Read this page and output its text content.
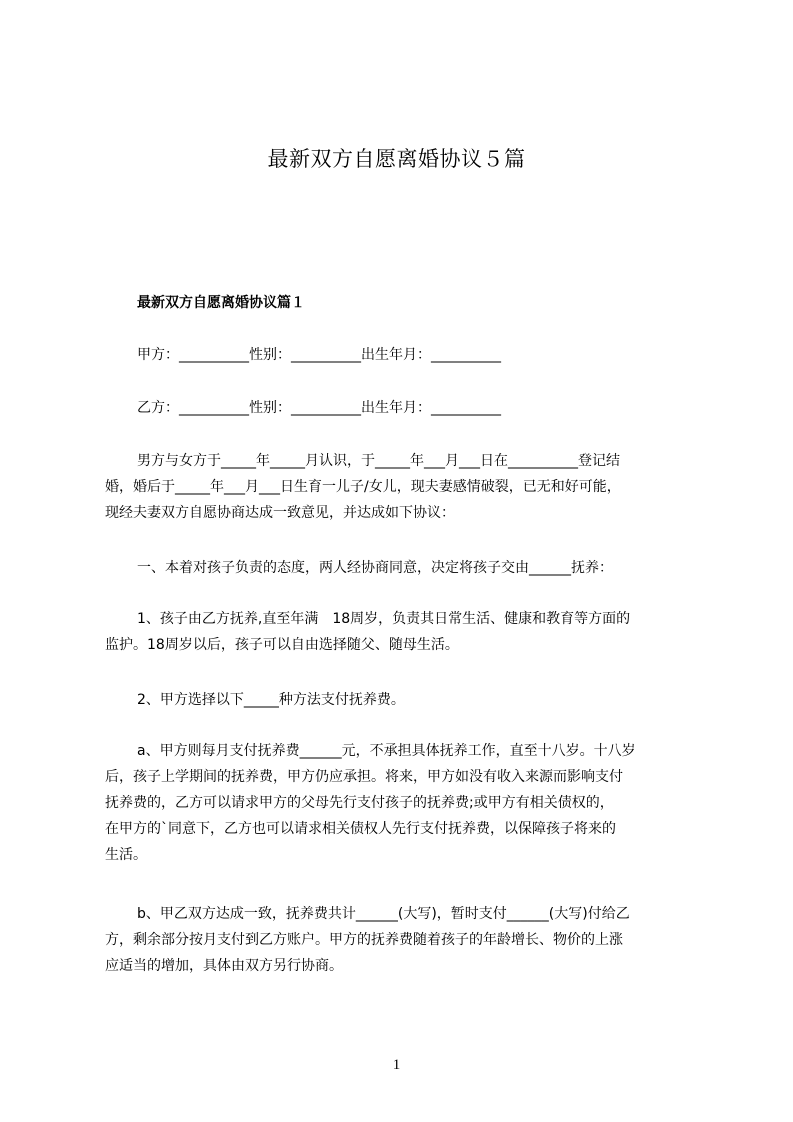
最新双方自愿离婚协议５篇
最新双方自愿离婚协议篇１
甲方：__________性别：__________出生年月：__________
乙方：__________性别：__________出生年月：__________
男方与女方于_____年_____月认识，于_____年___月___日在__________登记结
婚，婚后于_____年___月___日生育一儿子/女儿，现夫妻感情破裂，已无和好可能，
现经夫妻双方自愿协商达成一致意见，并达成如下协议：
一、本着对孩子负责的态度，两人经协商同意，决定将孩子交由______抚养：
1、孩子由乙方抚养,直至年满　18周岁，负责其日常生活、健康和教育等方面的
监护。18周岁以后，孩子可以自由选择随父、随母生活。
2、甲方选择以下_____种方法支付抚养费。
a、甲方则每月支付抚养费______元，不承担具体抚养工作，直至十八岁。十八岁
后，孩子上学期间的抚养费，甲方仍应承担。将来，甲方如没有收入来源而影响支付
抚养费的，乙方可以请求甲方的父母先行支付孩子的抚养费;或甲方有相关债权的，
在甲方的`同意下，乙方也可以请求相关债权人先行支付抚养费，以保障孩子将来的
生活。
b、甲乙双方达成一致，抚养费共计______(大写)，暂时支付______(大写)付给乙
方，剩余部分按月支付到乙方账户。甲方的抚养费随着孩子的年龄增长、物价的上涨
应适当的增加，具体由双方另行协商。
1
